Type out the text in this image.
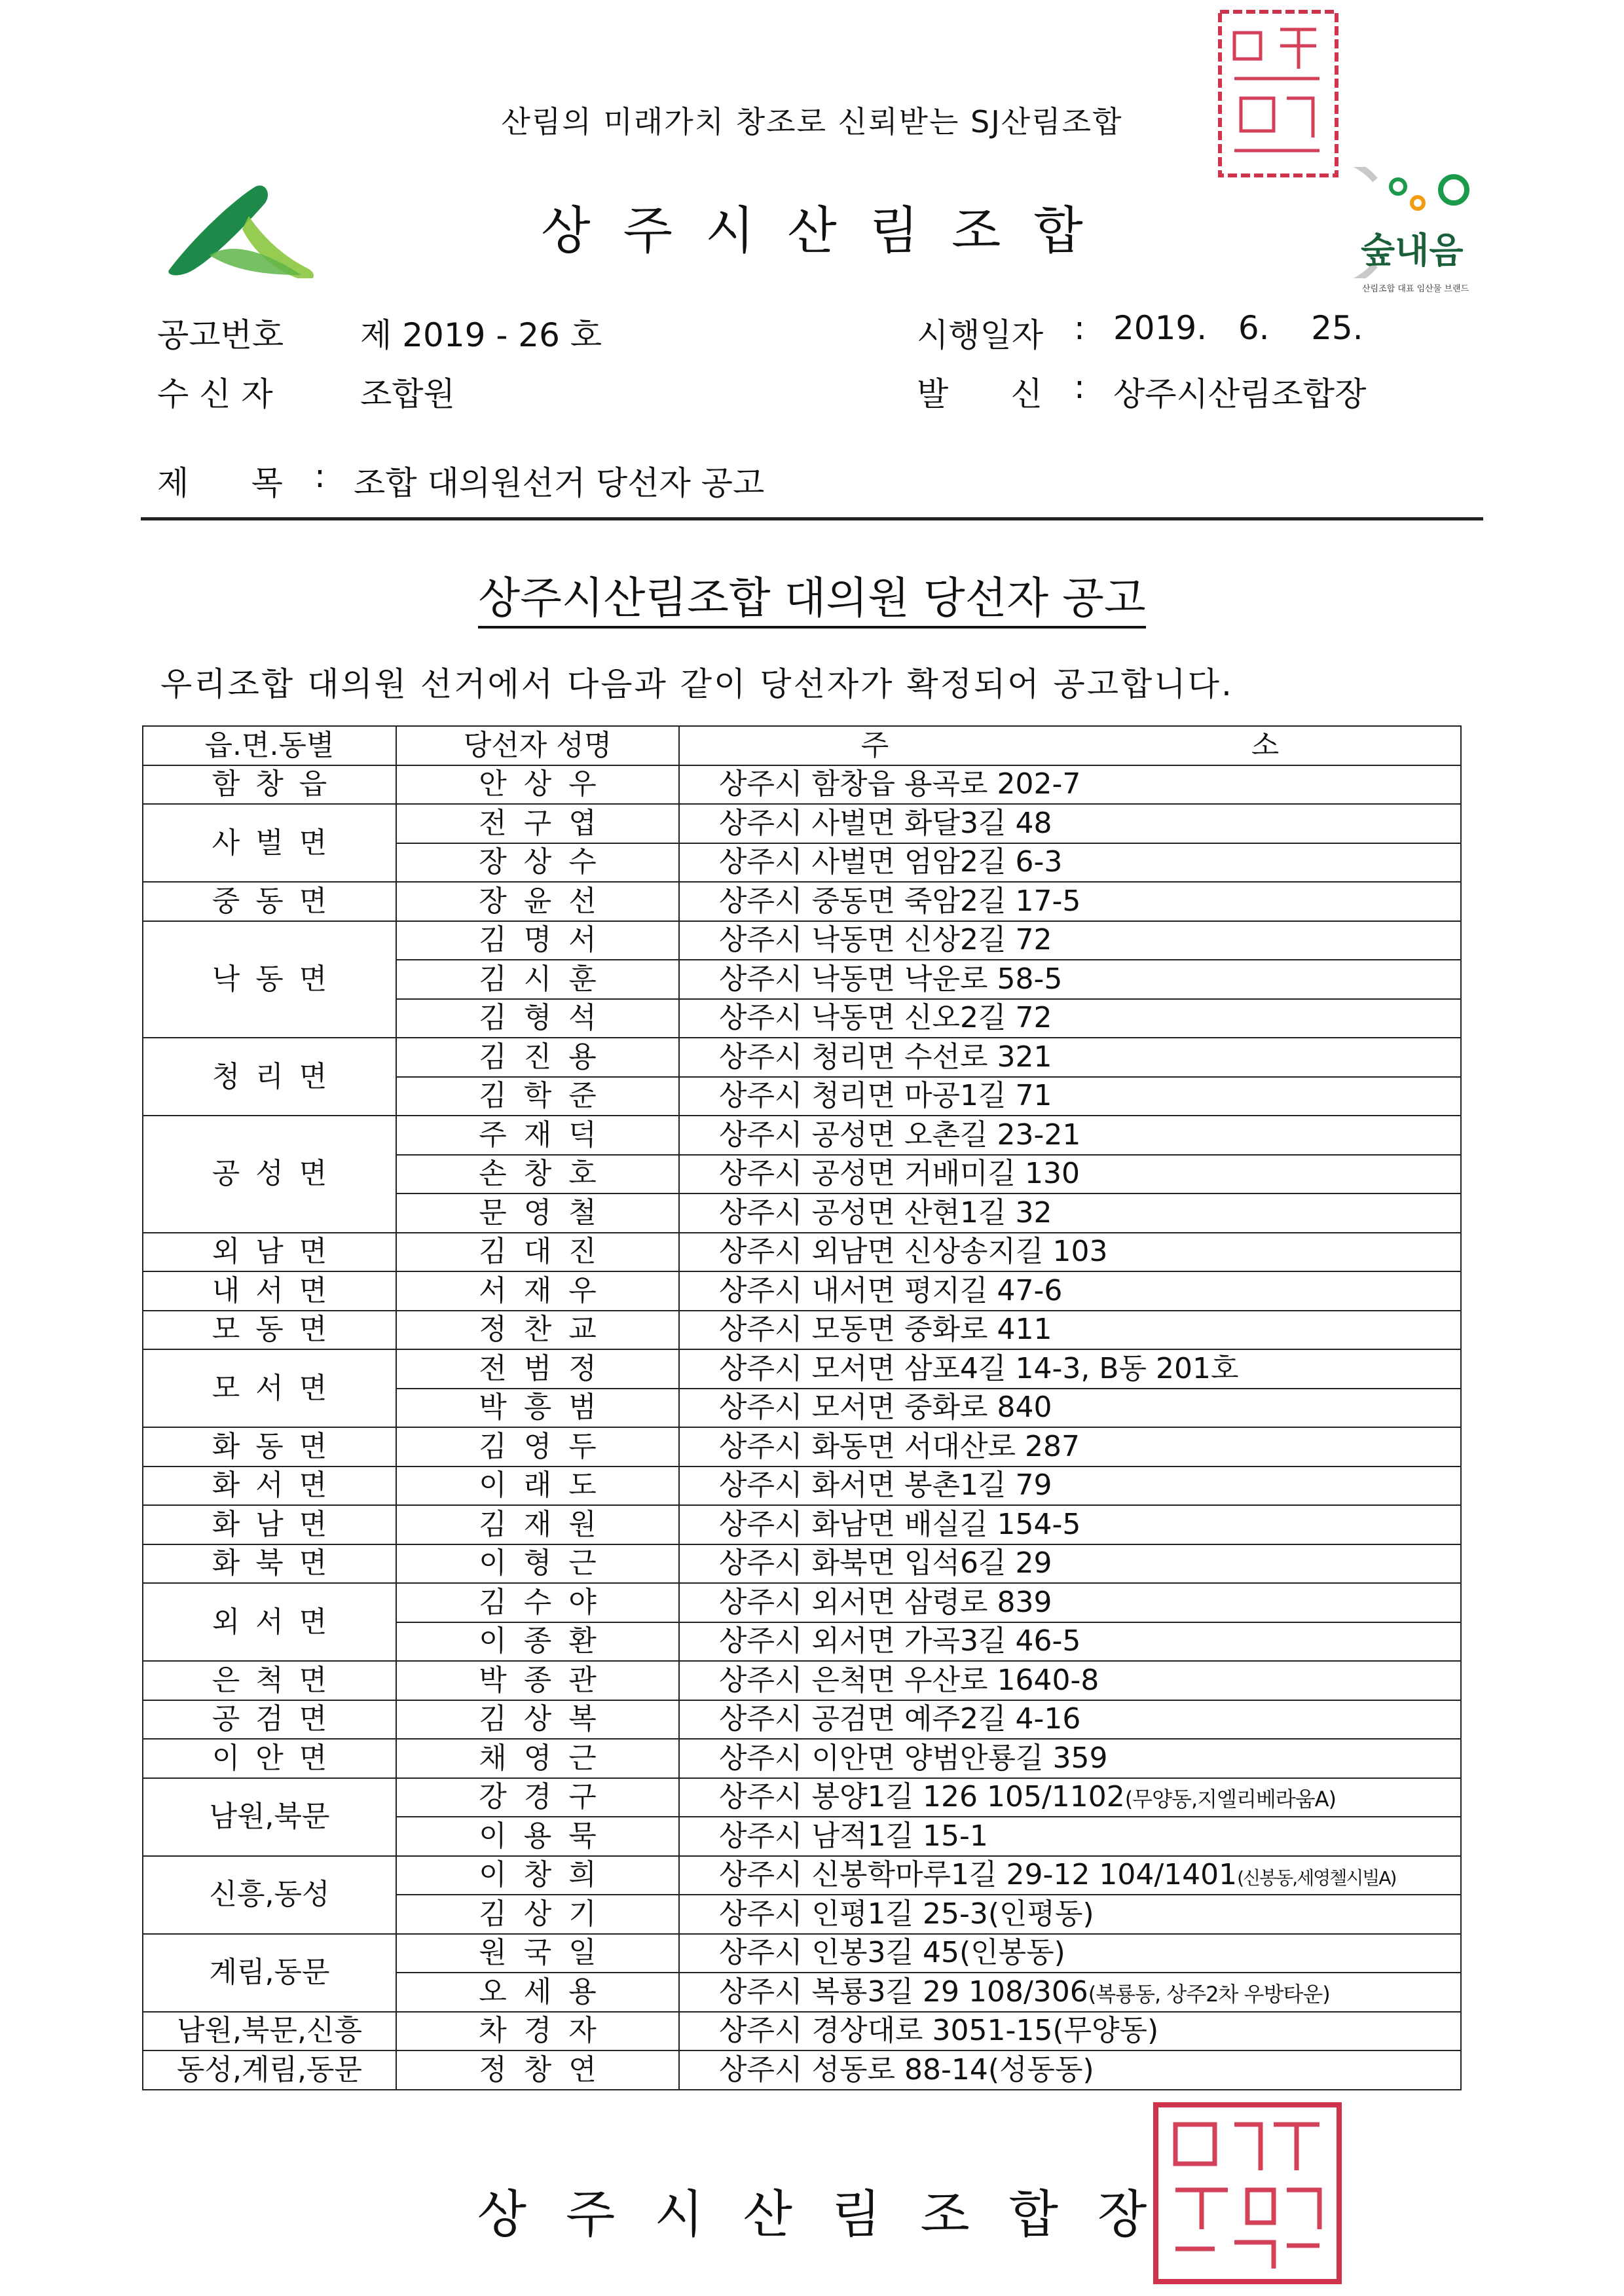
산림의 미래가치 창조로 신뢰받는 SJ산림조합
상주시산림조합	숲내음
산림조합 대표 임산물 브랜드
공고번호 제 2019 - 26 호	시행일자 : 2019.   6.    25.
수 신 자	조합원	발      신 : 상주시산림조합장
제      목 : 조합 대의원선거 당선자 공고
상주시산림조합 대의원 당선자 공고
우리조합 대의원 선거에서 다음과 같이 당선자가 확정되어 공고합니다.
읍.면.동별	당선자 성명	주 소
함창읍	안상우	상주시 함창읍 용곡로 202-7
사벌면	전구엽	상주시 사벌면 화달3길 48
	장상수	상주시 사벌면 엄암2길 6-3
중동면	장윤선	상주시 중동면 죽암2길 17-5
낙동면	김명서	상주시 낙동면 신상2길 72
	김시훈	상주시 낙동면 낙운로 58-5
	김형석	상주시 낙동면 신오2길 72
청리면	김진용	상주시 청리면 수선로 321
	김학준	상주시 청리면 마공1길 71
공성면	주재덕	상주시 공성면 오촌길 23-21
	손창호	상주시 공성면 거배미길 130
	문영철	상주시 공성면 산현1길 32
외남면	김대진	상주시 외남면 신상송지길 103
내서면	서재우	상주시 내서면 평지길 47-6
모동면	정찬교	상주시 모동면 중화로 411
모서면	전범정	상주시 모서면 삼포4길 14-3, B동 201호
	박흥범	상주시 모서면 중화로 840
화동면	김영두	상주시 화동면 서대산로 287
화서면	이래도	상주시 화서면 봉촌1길 79
화남면	김재원	상주시 화남면 배실길 154-5
화북면	이형근	상주시 화북면 입석6길 29
외서면	김수야	상주시 외서면 삼령로 839
	이종환	상주시 외서면 가곡3길 46-5
은척면	박종관	상주시 은척면 우산로 1640-8
공검면	김상복	상주시 공검면 예주2길 4-16
이안면	채영근	상주시 이안면 양범안룡길 359
남원,북문	강경구	상주시 봉양1길 126 105/1102(무양동,지엘리베라움A)
	이용묵	상주시 남적1길 15-1
신흥,동성	이창희	상주시 신봉학마루1길 29-12 104/1401(신봉동,세영첼시빌A)
	김상기	상주시 인평1길 25-3(인평동)
계림,동문	원국일	상주시 인봉3길 45(인봉동)
	오세용	상주시 복룡3길 29 108/306(복룡동, 상주2차 우방타운)
남원,북문,신흥	차경자	상주시 경상대로 3051-15(무양동)
동성,계림,동문	정창연	상주시 성동로 88-14(성동동)
상주시산림조합장
